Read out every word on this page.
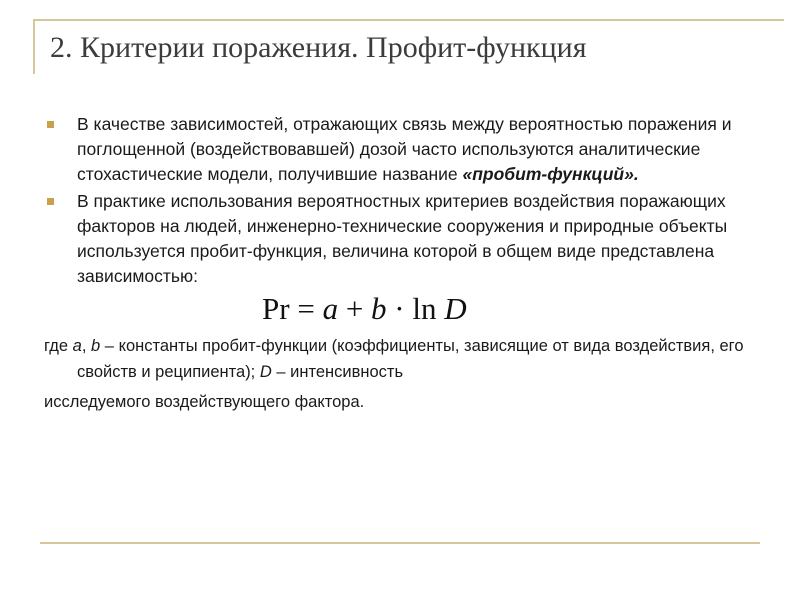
2. Критерии поражения. Профит-функция
В качестве зависимостей, отражающих связь между вероятностью поражения и поглощенной (воздействовавшей) дозой часто используются аналитические стохастические модели, получившие название «пробит-функций».
В практике использования вероятностных критериев воздействия поражающих факторов на людей, инженерно-технические сооружения и природные объекты используется пробит-функция, величина которой в общем виде представлена зависимостью:
Pr = a + b · ln D
где a, b – константы пробит-функции (коэффициенты, зависящие от вида воздействия, его свойств и реципиента); D – интенсивность
исследуемого воздействующего фактора.
